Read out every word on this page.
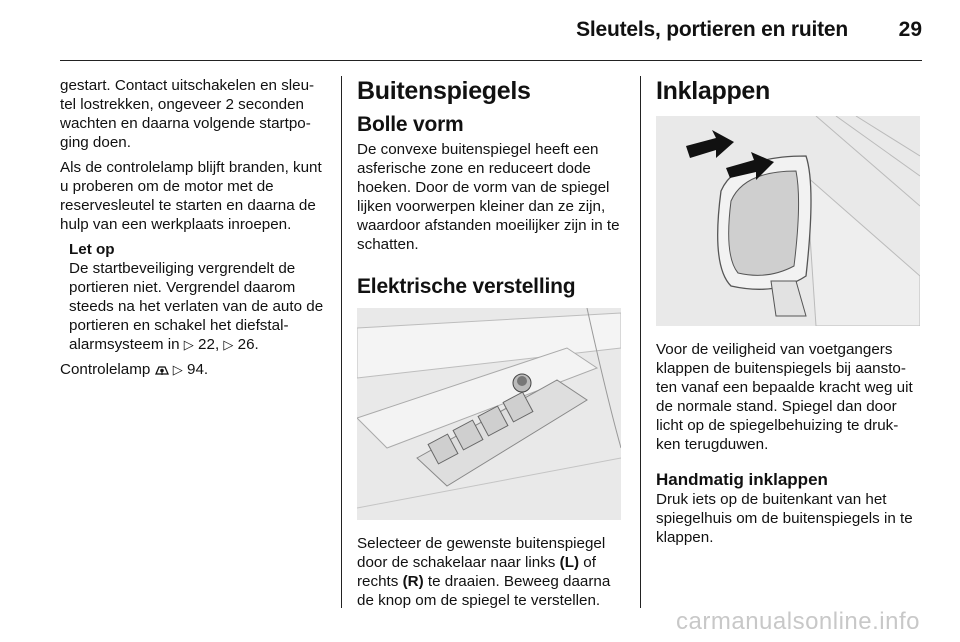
Sleutels, portieren en ruiten 29

gestart. Contact uitschakelen en sleu-tel lostrekken, ongeveer 2 seconden wachten en daarna volgende startpo-ging doen.

Als de controlelamp blijft branden, kunt u proberen om de motor met de reservesleutel te starten en daarna de hulp van een werkplaats inroepen.

Let op
De startbeveiliging vergrendelt de portieren niet. Vergrendel daarom steeds na het verlaten van de auto de portieren en schakel het diefstal-alarmsysteem in ▷ 22, ▷ 26.

Controlelamp ▷ 94.

Buitenspiegels
Bolle vorm

De convexe buitenspiegel heeft een asferische zone en reduceert dode hoeken. Door de vorm van de spiegel lijken voorwerpen kleiner dan ze zijn, waardoor afstanden moeilijker zijn in te schatten.

Elektrische verstelling

Selecteer de gewenste buitenspiegel door de schakelaar naar links (L) of rechts (R) te draaien. Beweeg daarna de knop om de spiegel te verstellen.

Inklappen

Voor de veiligheid van voetgangers klappen de buitenspiegels bij aansto-ten vanaf een bepaalde kracht weg uit de normale stand. Spiegel dan door licht op de spiegelbehuizing te druk-ken terugduwen.

Handmatig inklappen

Druk iets op de buitenkant van het spiegelhuis om de buitenspiegels in te klappen.

carmanualsonline.info
